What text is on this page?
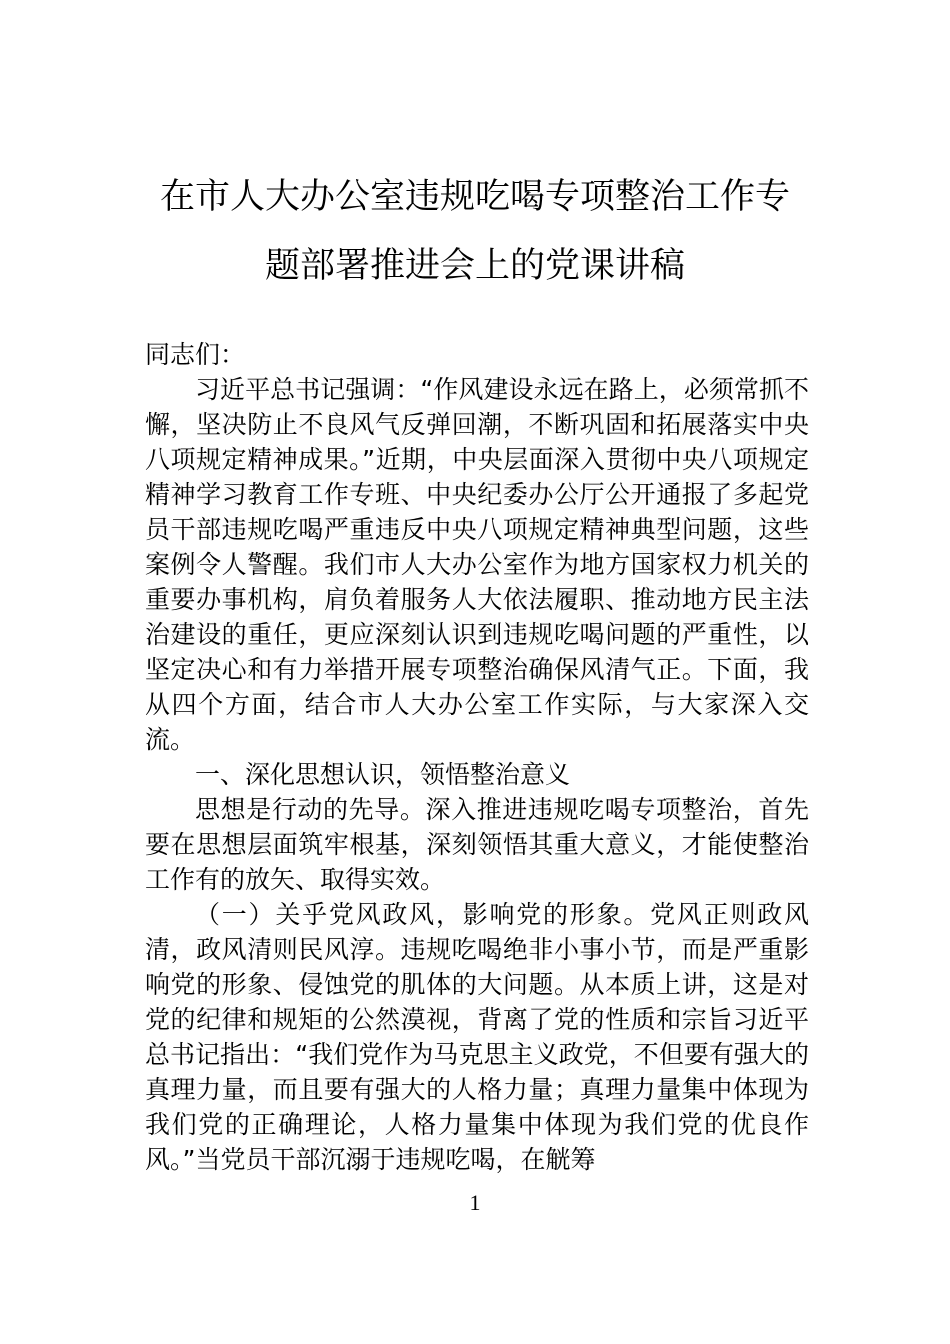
在市人大办公室违规吃喝专项整治工作专
题部署推进会上的党课讲稿

同志们：

习近平总书记强调：“作风建设永远在路上，必须常抓不懈，坚决防止不良风气反弹回潮，不断巩固和拓展落实中央八项规定精神成果。”近期，中央层面深入贯彻中央八项规定精神学习教育工作专班、中央纪委办公厅公开通报了多起党员干部违规吃喝严重违反中央八项规定精神典型问题，这些案例令人警醒。我们市人大办公室作为地方国家权力机关的重要办事机构，肩负着服务人大依法履职、推动地方民主法治建设的重任，更应深刻认识到违规吃喝问题的严重性，以坚定决心和有力举措开展专项整治确保风清气正。下面，我从四个方面，结合市人大办公室工作实际，与大家深入交流。

一、深化思想认识，领悟整治意义

思想是行动的先导。深入推进违规吃喝专项整治，首先要在思想层面筑牢根基，深刻领悟其重大意义，才能使整治工作有的放矢、取得实效。

（一）关乎党风政风，影响党的形象。党风正则政风清，政风清则民风淳。违规吃喝绝非小事小节，而是严重影响党的形象、侵蚀党的肌体的大问题。从本质上讲，这是对党的纪律和规矩的公然漠视，背离了党的性质和宗旨习近平总书记指出：“我们党作为马克思主义政党，不但要有强大的真理力量，而且要有强大的人格力量；真理力量集中体现为我们党的正确理论，人格力量集中体现为我们党的优良作风。”当党员干部沉溺于违规吃喝，在觥筹

1
